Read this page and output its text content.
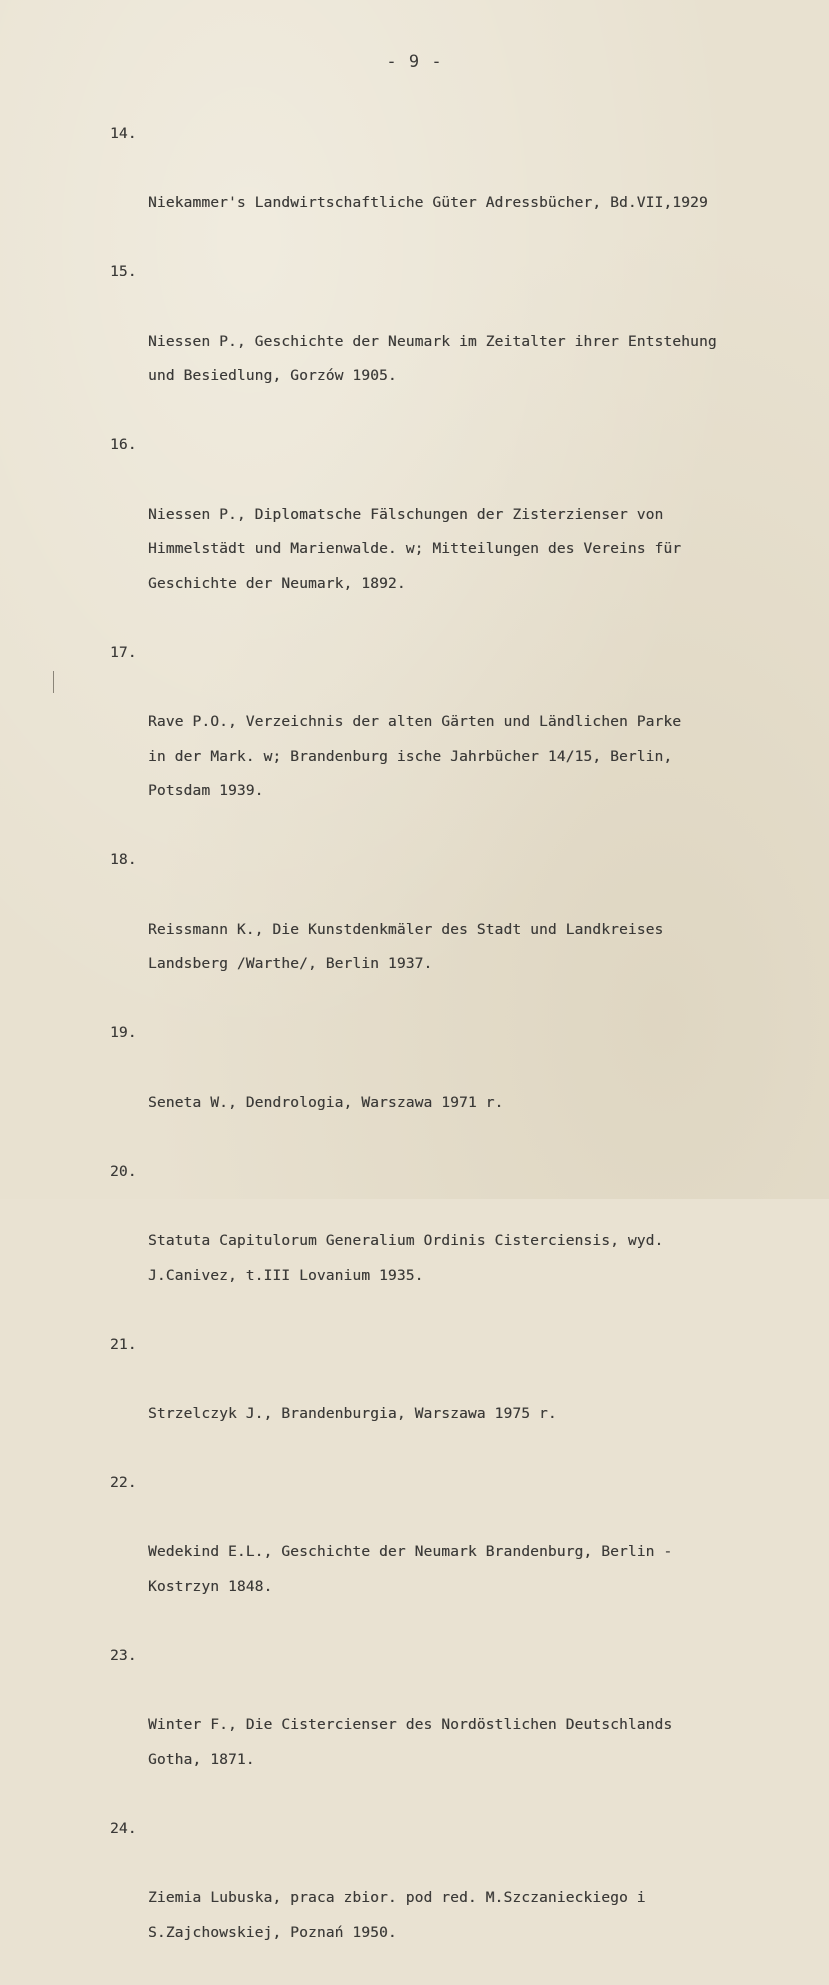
- 9 -

14.

Niekammer's Landwirtschaftliche Güter Adressbücher, Bd.VII,1929

15.

Niessen P., Geschichte der Neumark im Zeitalter ihrer Entstehung
und Besiedlung, Gorzów 1905.

16.

Niessen P., Diplomatsche Fälschungen der Zisterzienser von
Himmelstädt und Marienwalde. w; Mitteilungen des Vereins für
Geschichte der Neumark, 1892.

17.

Rave P.O., Verzeichnis der alten Gärten und Ländlichen Parke
in der Mark. w; Brandenburg ische Jahrbücher 14/15, Berlin,
Potsdam 1939.

18.

Reissmann K., Die Kunstdenkmäler des Stadt und Landkreises
Landsberg /Warthe/, Berlin 1937.

19.

Seneta W., Dendrologia, Warszawa 1971 r.

20.

Statuta Capitulorum Generalium Ordinis Cisterciensis, wyd.
J.Canivez, t.III Lovanium 1935.

21.

Strzelczyk J., Brandenburgia, Warszawa 1975 r.

22.

Wedekind E.L., Geschichte der Neumark Brandenburg, Berlin -
Kostrzyn 1848.

23.

Winter F., Die Cistercienser des Nordöstlichen Deutschlands
Gotha, 1871.

24.

Ziemia Lubuska, praca zbior. pod red. M.Szczanieckiego i
S.Zajchowskiej, Poznań 1950.
